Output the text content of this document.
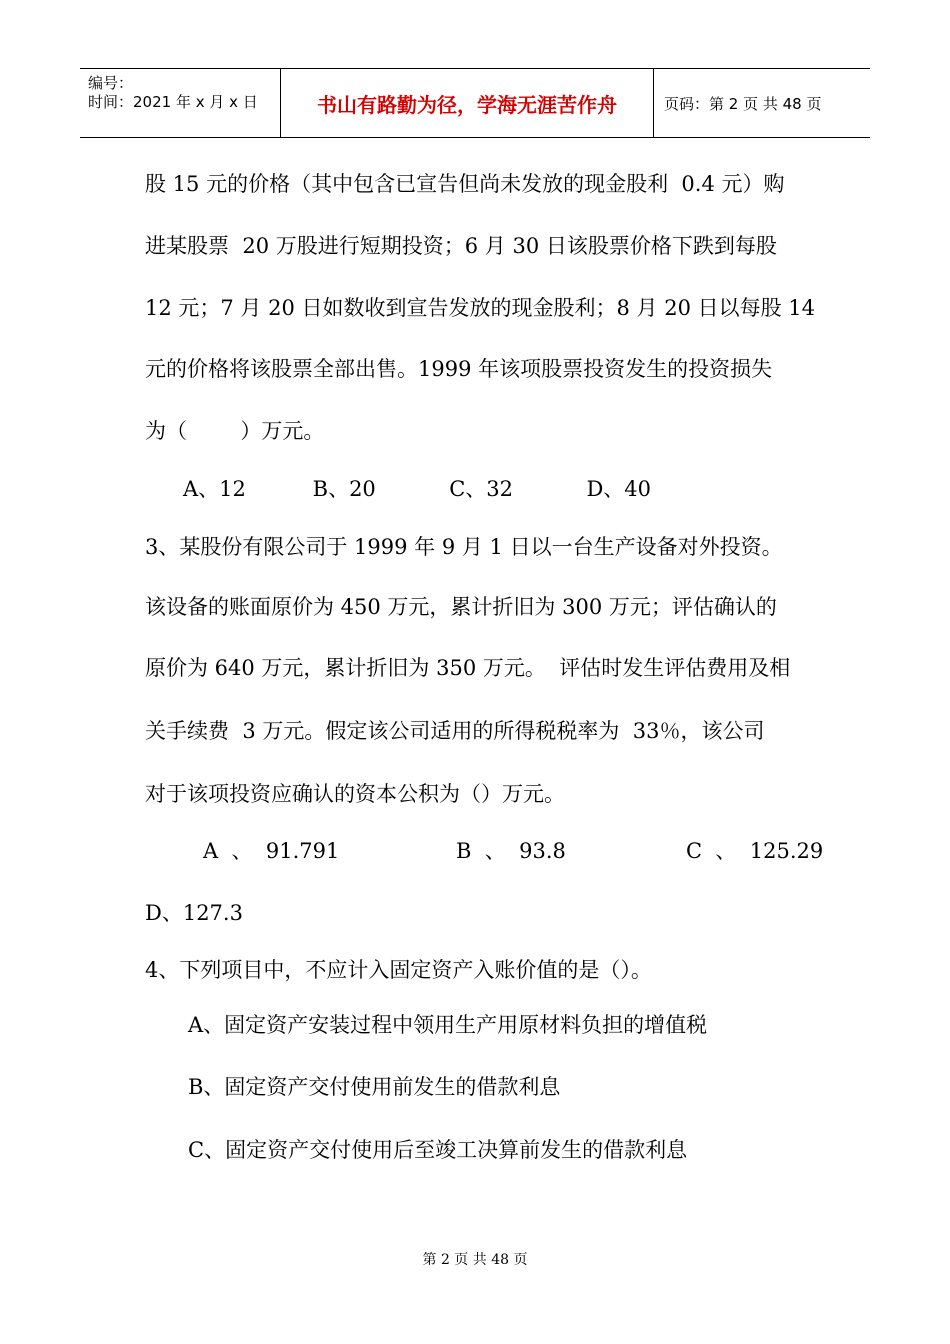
编号：
时间：2021 年 x 月 x 日	书山有路勤为径，学海无涯苦作舟	页码：第 2 页 共 48 页
股 15 元的价格（其中包含已宣告但尚未发放的现金股利  0.4 元）购
进某股票  20 万股进行短期投资；6 月 30 日该股票价格下跌到每股
12 元；7 月 20 日如数收到宣告发放的现金股利；8 月 20 日以每股 14
元的价格将该股票全部出售。1999 年该项股票投资发生的投资损失
为（        ）万元。
A、12          B、20           C、32           D、40
3、某股份有限公司于 1999 年 9 月 1 日以一台生产设备对外投资。
该设备的账面原价为 450 万元，累计折旧为 300 万元；评估确认的
原价为 640 万元，累计折旧为 350 万元。  评估时发生评估费用及相
关手续费  3 万元。假定该公司适用的所得税税率为  33％，该公司
对于该项投资应确认的资本公积为（）万元。
A  、  91.791	B  、  93.8	C  、  125.29
D、127.3
4、下列项目中，不应计入固定资产入账价值的是（）。
A、固定资产安装过程中领用生产用原材料负担的增值税
B、固定资产交付使用前发生的借款利息
C、固定资产交付使用后至竣工决算前发生的借款利息
第 2 页 共 48 页
